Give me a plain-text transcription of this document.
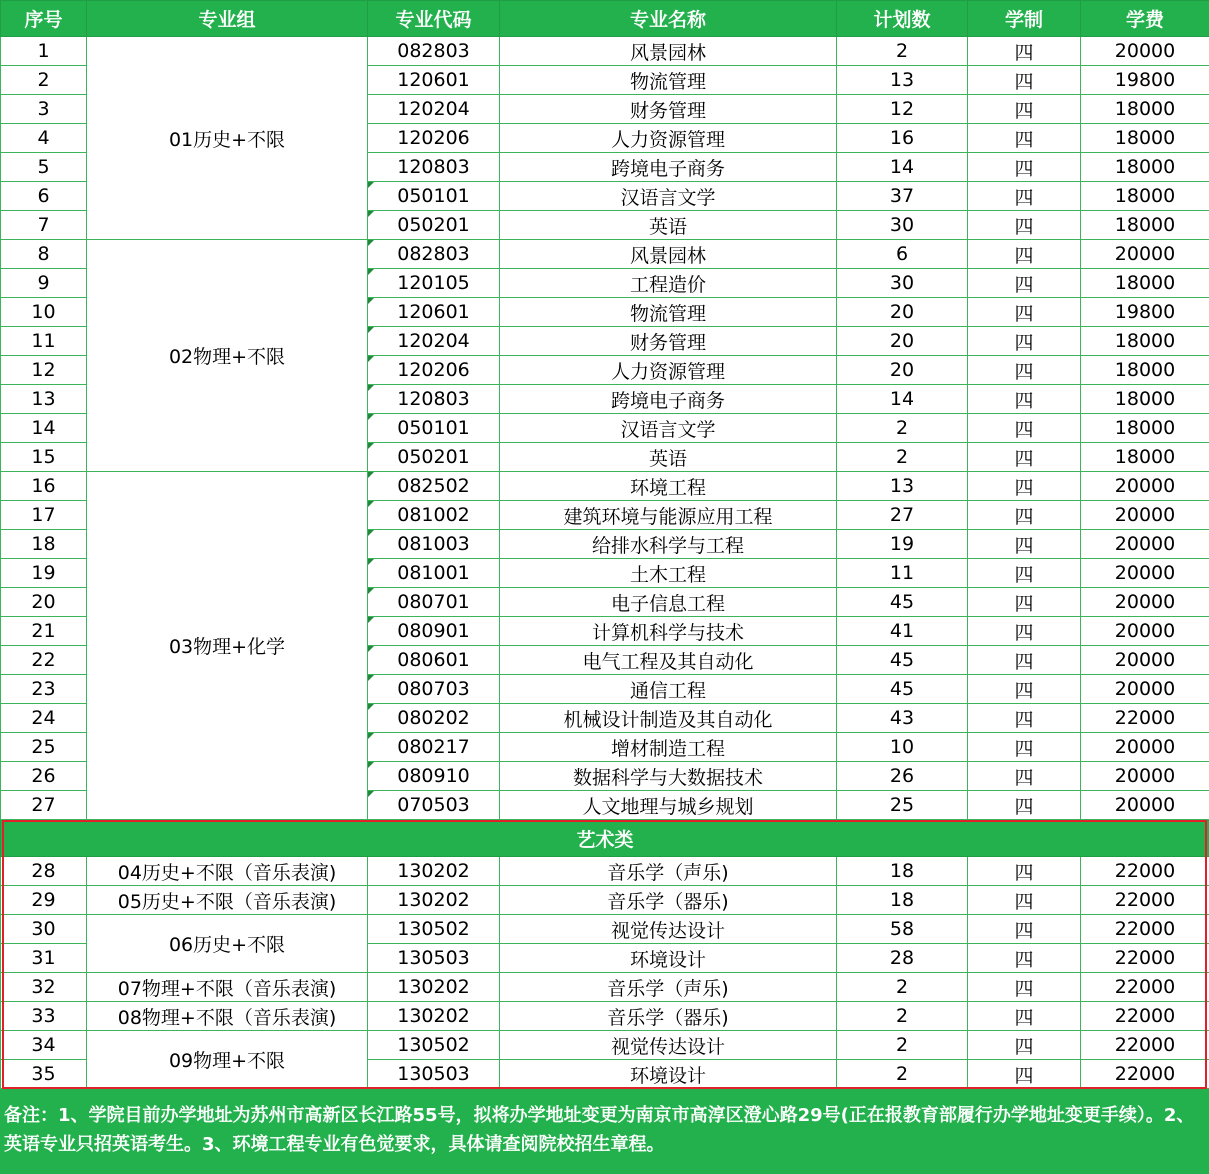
序号	专业组	专业代码	专业名称	计划数	学制	学费
1	01历史+不限	082803	风景园林	2	四	20000
2		120601	物流管理	13	四	19800
3		120204	财务管理	12	四	18000
4		120206	人力资源管理	16	四	18000
5		120803	跨境电子商务	14	四	18000
6		050101	汉语言文学	37	四	18000
7		050201	英语	30	四	18000
8	02物理+不限	082803	风景园林	6	四	20000
9		120105	工程造价	30	四	18000
10		120601	物流管理	20	四	19800
11		120204	财务管理	20	四	18000
12		120206	人力资源管理	20	四	18000
13		120803	跨境电子商务	14	四	18000
14		050101	汉语言文学	2	四	18000
15		050201	英语	2	四	18000
16	03物理+化学	082502	环境工程	13	四	20000
17		081002	建筑环境与能源应用工程	27	四	20000
18		081003	给排水科学与工程	19	四	20000
19		081001	土木工程	11	四	20000
20		080701	电子信息工程	45	四	20000
21		080901	计算机科学与技术	41	四	20000
22		080601	电气工程及其自动化	45	四	20000
23		080703	通信工程	45	四	20000
24		080202	机械设计制造及其自动化	43	四	22000
25		080217	增材制造工程	10	四	20000
26		080910	数据科学与大数据技术	26	四	20000
27		070503	人文地理与城乡规划	25	四	20000
艺术类						
28	04历史+不限（音乐表演)	130202	音乐学（声乐)	18	四	22000
29	05历史+不限（音乐表演)	130202	音乐学（器乐)	18	四	22000
30	06历史+不限	130502	视觉传达设计	58	四	22000
31		130503	环境设计	28	四	22000
32	07物理+不限（音乐表演)	130202	音乐学（声乐)	2	四	22000
33	08物理+不限（音乐表演)	130202	音乐学（器乐)	2	四	22000
34	09物理+不限	130502	视觉传达设计	2	四	22000
35		130503	环境设计	2	四	22000
备注：1、学院目前办学地址为苏州市高新区长江路55号，拟将办学地址变更为南京市高淳区澄心路29号(正在报教育部履行办学地址变更手续）。2、英语专业只招英语考生。3、环境工程专业有色觉要求，具体请查阅院校招生章程。
